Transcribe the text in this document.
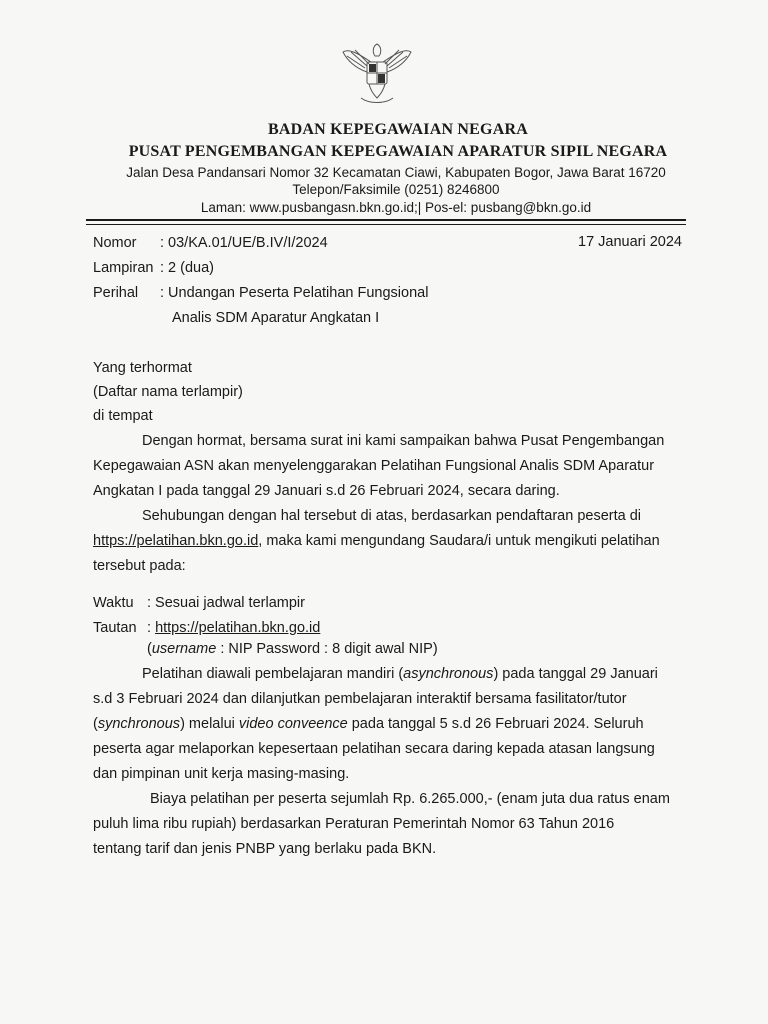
BADAN KEPEGAWAIAN NEGARA
PUSAT PENGEMBANGAN KEPEGAWAIAN APARATUR SIPIL NEGARA
Jalan Desa Pandansari Nomor 32 Kecamatan Ciawi, Kabupaten Bogor, Jawa Barat 16720
Telepon/Faksimile (0251) 8246800
Laman: www.pusbangasn.bkn.go.id;| Pos-el: pusbang@bkn.go.id
Nomor : 03/KA.01/UE/B.IV/I/2024	17 Januari 2024
Lampiran : 2 (dua)
Perihal : Undangan Peserta Pelatihan Fungsional
Analis SDM Aparatur Angkatan I
Yang terhormat
(Daftar nama terlampir)
di tempat
Dengan hormat, bersama surat ini kami sampaikan bahwa Pusat Pengembangan
Kepegawaian ASN akan menyelenggarakan Pelatihan Fungsional Analis SDM Aparatur
Angkatan I pada tanggal 29 Januari s.d 26 Februari 2024, secara daring.
Sehubungan dengan hal tersebut di atas, berdasarkan pendaftaran peserta di
https://pelatihan.bkn.go.id, maka kami mengundang Saudara/i untuk mengikuti pelatihan
tersebut pada:
Waktu : Sesuai jadwal terlampir
Tautan : https://pelatihan.bkn.go.id
(username : NIP Password : 8 digit awal NIP)
Pelatihan diawali pembelajaran mandiri (asynchronous) pada tanggal 29 Januari
s.d 3 Februari 2024 dan dilanjutkan pembelajaran interaktif bersama fasilitator/tutor
(synchronous) melalui video conveence pada tanggal 5 s.d 26 Februari 2024. Seluruh
peserta agar melaporkan kepesertaan pelatihan secara daring kepada atasan langsung
dan pimpinan unit kerja masing-masing.
Biaya pelatihan per peserta sejumlah Rp. 6.265.000,- (enam juta dua ratus enam
puluh lima ribu rupiah) berdasarkan Peraturan Pemerintah Nomor 63 Tahun 2016
tentang tarif dan jenis PNBP yang berlaku pada BKN.
